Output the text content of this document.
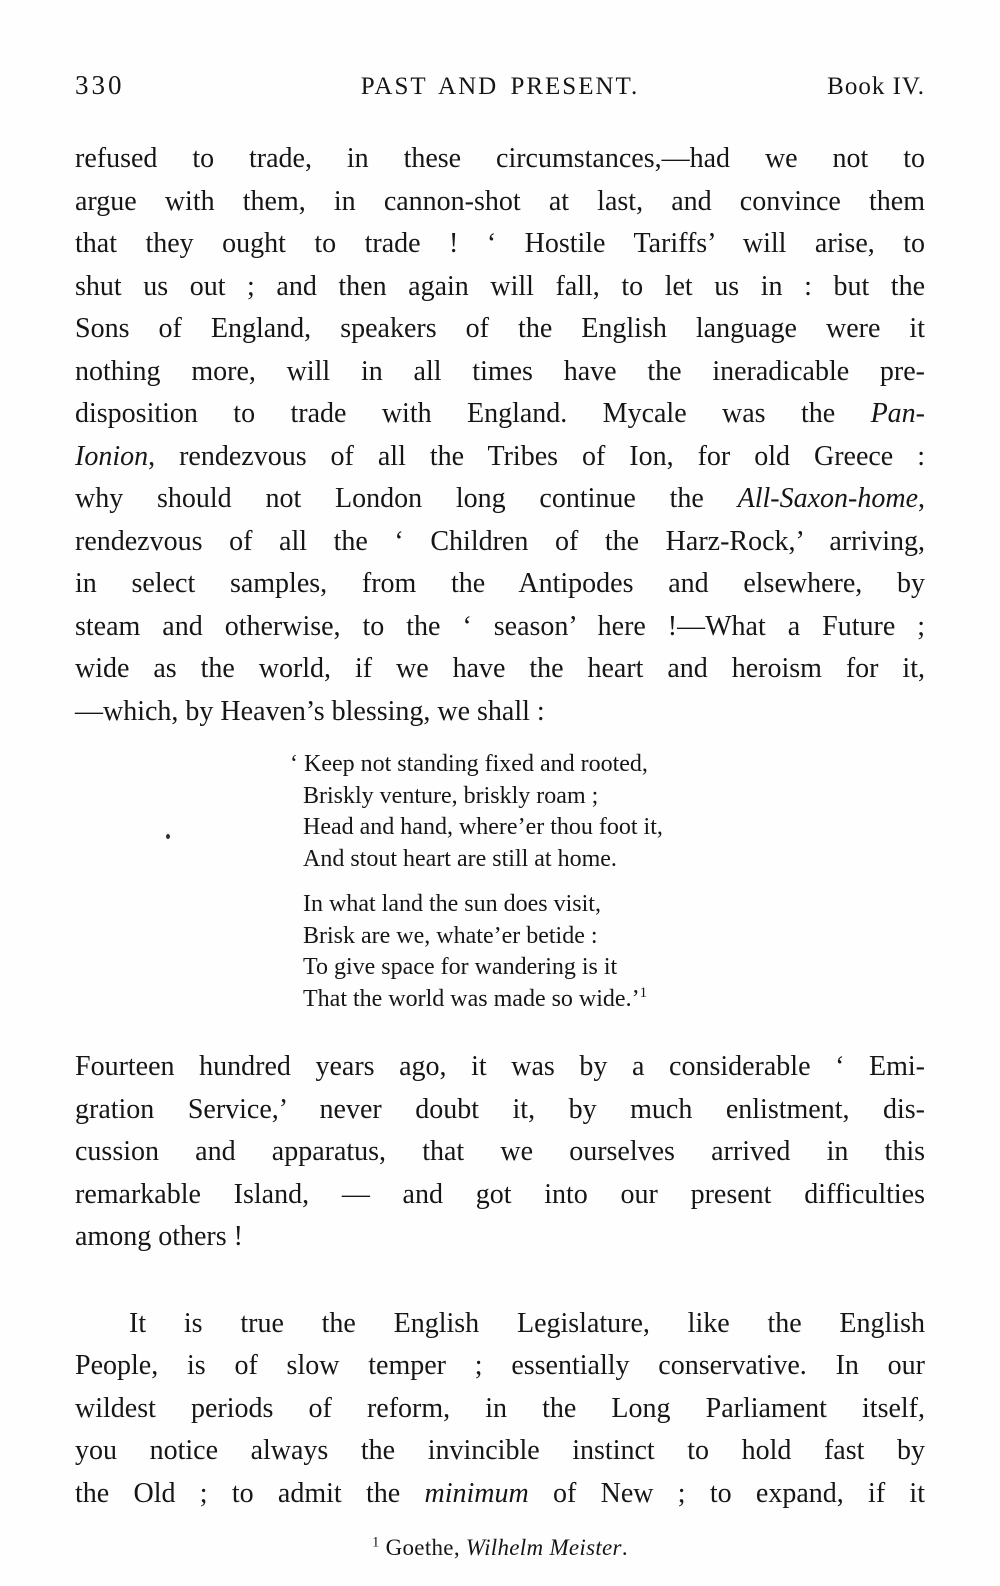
330	PAST AND PRESENT.	Book IV.
refused to trade, in these circumstances,—had we not to
argue with them, in cannon-shot at last, and convince them
that they ought to trade ! ‘ Hostile Tariffs’ will arise, to
shut us out ; and then again will fall, to let us in : but the
Sons of England, speakers of the English language were it
nothing more, will in all times have the ineradicable pre-
disposition to trade with England. Mycale was the Pan-
Ionion, rendezvous of all the Tribes of Ion, for old Greece :
why should not London long continue the All-Saxon-home,
rendezvous of all the ‘ Children of the Harz-Rock,’ arriving,
in select samples, from the Antipodes and elsewhere, by
steam and otherwise, to the ‘ season’ here !—What a Future ;
wide as the world, if we have the heart and heroism for it,
—which, by Heaven’s blessing, we shall :
‘ Keep not standing fixed and rooted,
Briskly venture, briskly roam ;
Head and hand, where’er thou foot it,
And stout heart are still at home.
In what land the sun does visit,
Brisk are we, whate’er betide :
To give space for wandering is it
That the world was made so wide.’$^1$
Fourteen hundred years ago, it was by a considerable ‘ Emi-
gration Service,’ never doubt it, by much enlistment, dis-
cussion and apparatus, that we ourselves arrived in this
remarkable Island, — and got into our present difficulties
among others !
It is true the English Legislature, like the English
People, is of slow temper ; essentially conservative. In our
wildest periods of reform, in the Long Parliament itself,
you notice always the invincible instinct to hold fast by
the Old ; to admit the minimum of New ; to expand, if it
$^1$ Goethe, Wilhelm Meister.
